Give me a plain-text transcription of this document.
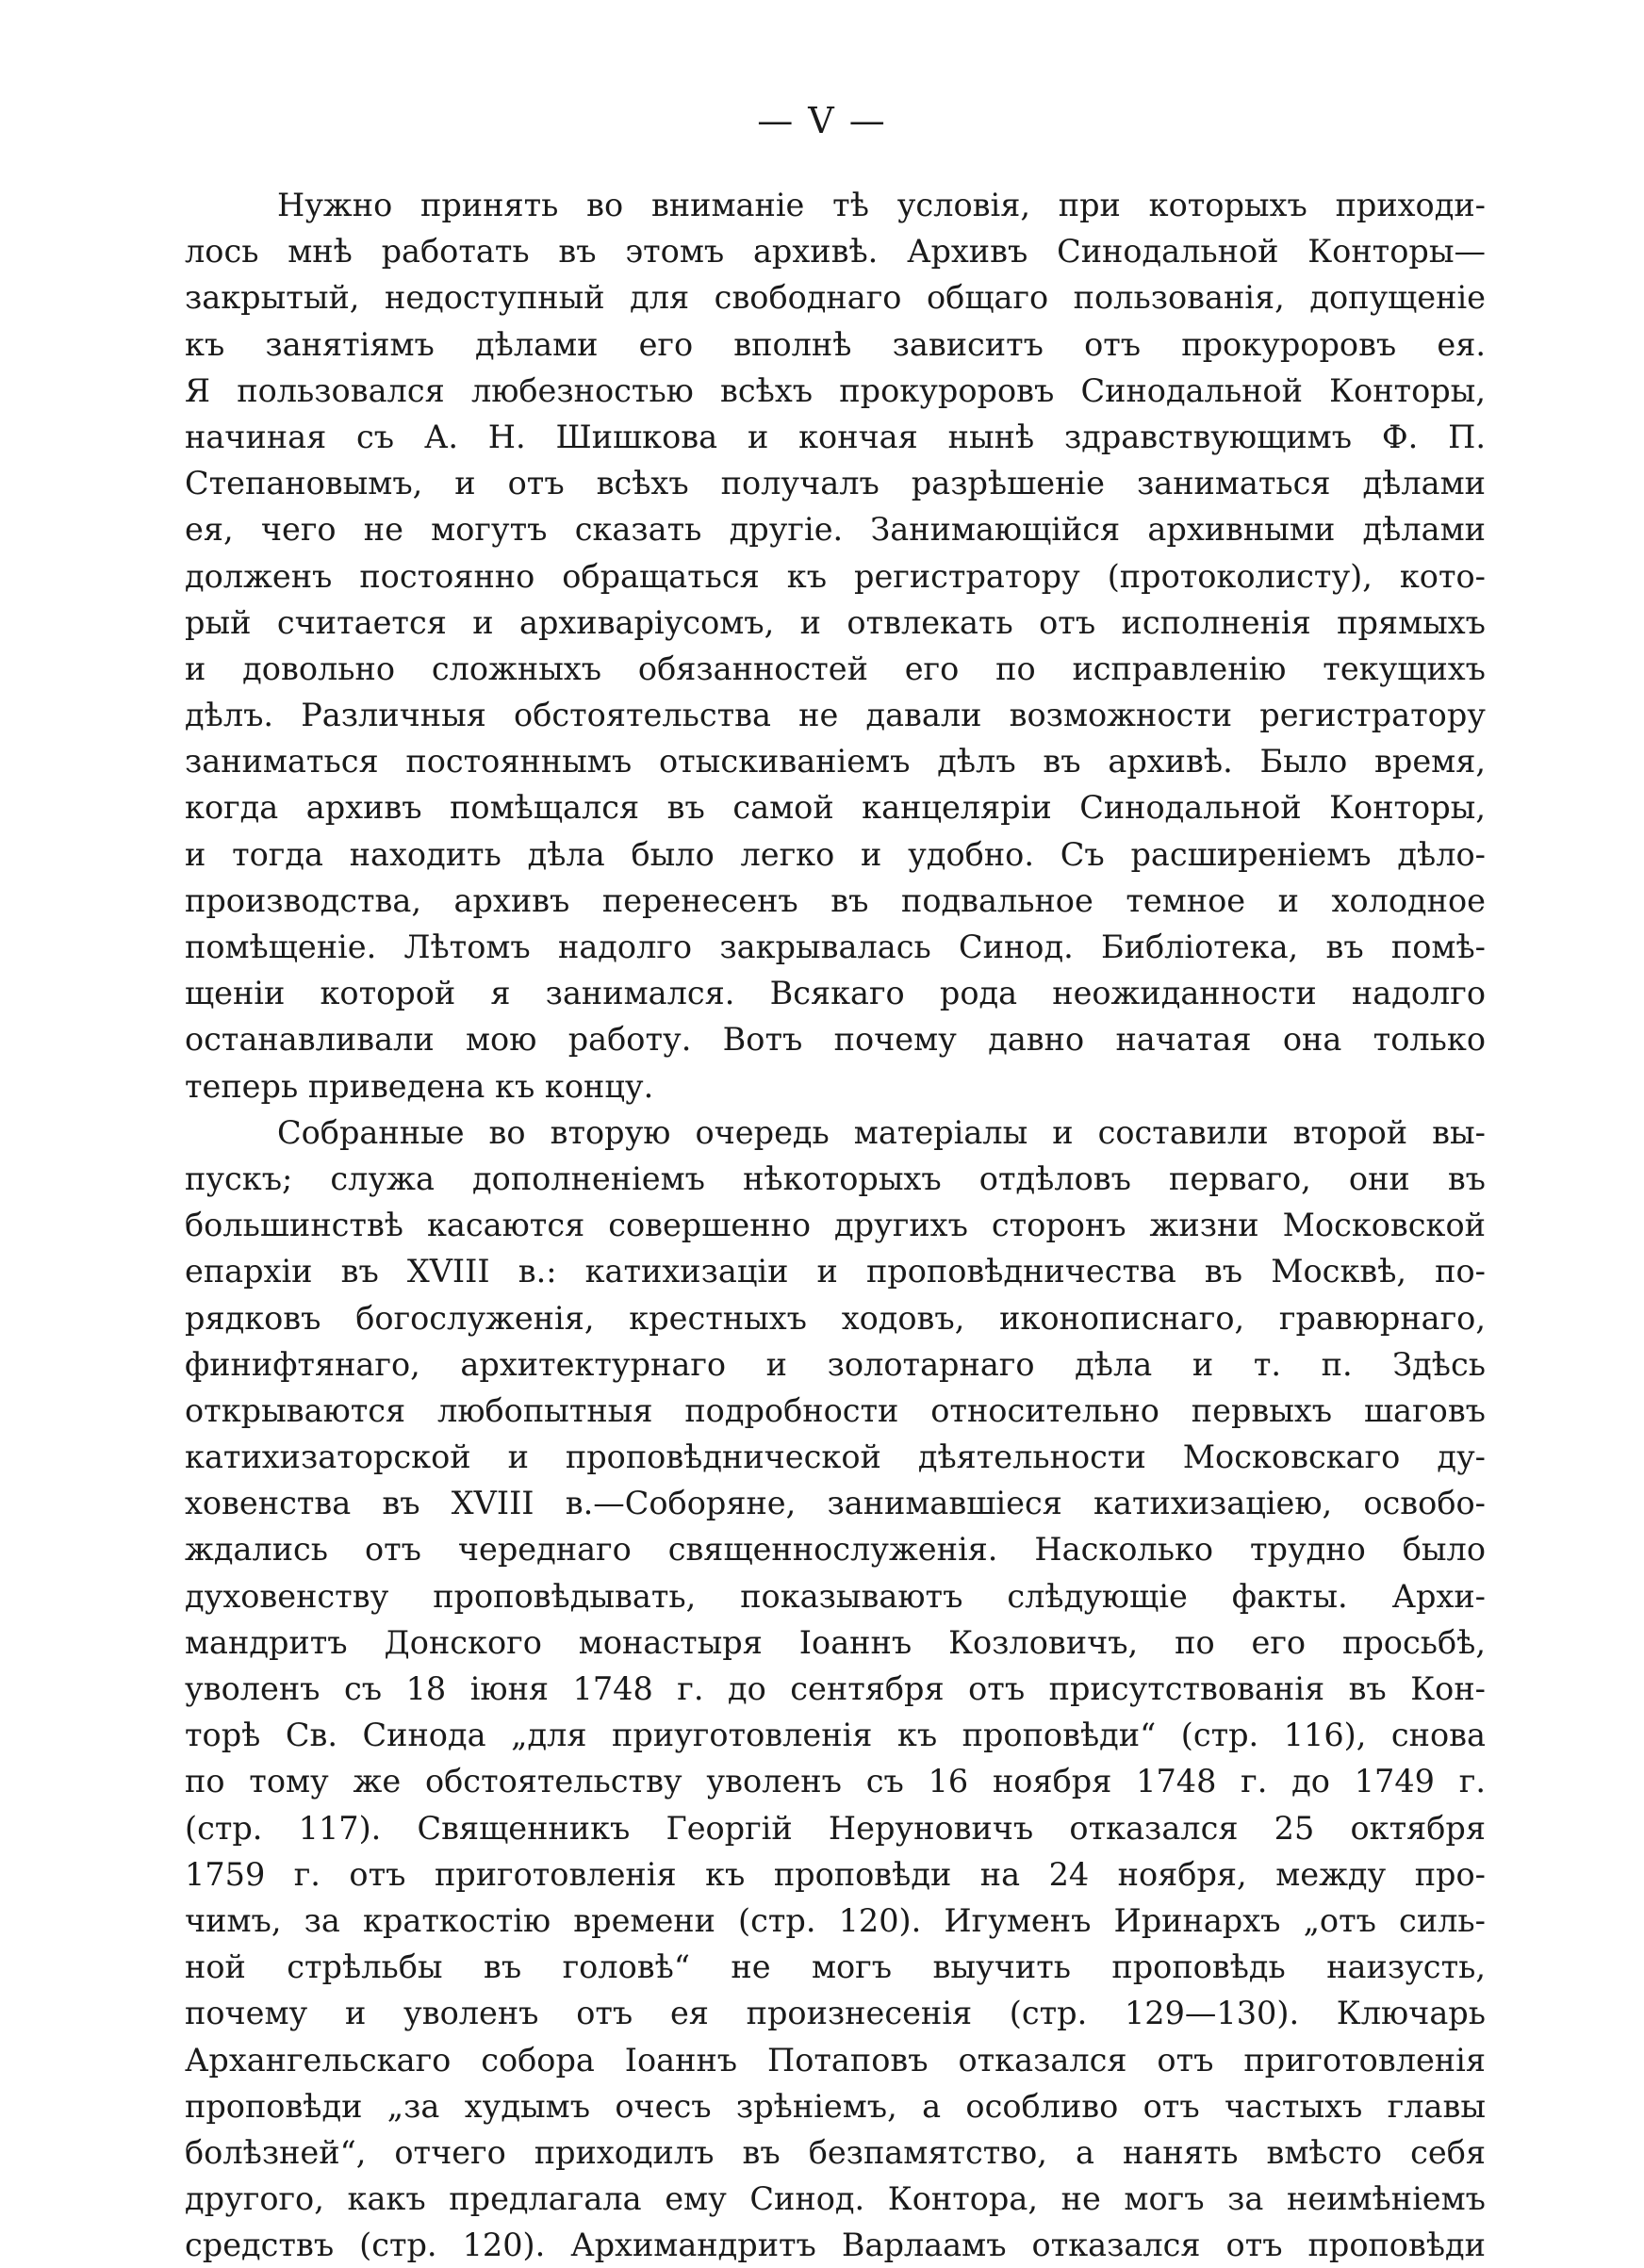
— V —
Нужно принять во вниманіе тѣ условія, при которыхъ приходи-
лось мнѣ работать въ этомъ архивѣ. Архивъ Синодальной Конторы—
закрытый, недоступный для свободнаго общаго пользованія, допущеніе
къ занятіямъ дѣлами его вполнѣ зависитъ отъ прокуроровъ ея.
Я пользовался любезностью всѣхъ прокуроровъ Синодальной Конторы,
начиная съ А. Н. Шишкова и кончая нынѣ здравствующимъ Ф. П.
Степановымъ, и отъ всѣхъ получалъ разрѣшеніе заниматься дѣлами
ея, чего не могутъ сказать другіе. Занимающійся архивными дѣлами
долженъ постоянно обращаться къ регистратору (протоколисту), кото-
рый считается и архиваріусомъ, и отвлекать отъ исполненія прямыхъ
и довольно сложныхъ обязанностей его по исправленію текущихъ
дѣлъ. Различныя обстоятельства не давали возможности регистратору
заниматься постояннымъ отыскиваніемъ дѣлъ въ архивѣ. Было время,
когда архивъ помѣщался въ самой канцеляріи Синодальной Конторы,
и тогда находить дѣла было легко и удобно. Съ расширеніемъ дѣло-
производства, архивъ перенесенъ въ подвальное темное и холодное
помѣщеніе. Лѣтомъ надолго закрывалась Синод. Библіотека, въ помѣ-
щеніи которой я занимался. Всякаго рода неожиданности надолго
останавливали мою работу. Вотъ почему давно начатая она только
теперь приведена къ концу.
Собранные во вторую очередь матеріалы и составили второй вы-
пускъ; служа дополненіемъ нѣкоторыхъ отдѣловъ перваго, они въ
большинствѣ касаются совершенно другихъ сторонъ жизни Московской
епархіи въ XVIII в.: катихизаціи и проповѣдничества въ Москвѣ, по-
рядковъ богослуженія, крестныхъ ходовъ, иконописнаго, гравюрнаго,
финифтянаго, архитектурнаго и золотарнаго дѣла и т. п. Здѣсь
открываются любопытныя подробности относительно первыхъ шаговъ
катихизаторской и проповѣднической дѣятельности Московскаго ду-
ховенства въ XVIII в.—Соборяне, занимавшіеся катихизаціею, освобо-
ждались отъ череднаго священнослуженія. Насколько трудно было
духовенству проповѣдывать, показываютъ слѣдующіе факты. Архи-
мандритъ Донского монастыря Іоаннъ Козловичъ, по его просьбѣ,
уволенъ съ 18 іюня 1748 г. до сентября отъ присутствованія въ Кон-
торѣ Св. Синода „для приуготовленія къ проповѣди“ (стр. 116), снова
по тому же обстоятельству уволенъ съ 16 ноября 1748 г. до 1749 г.
(стр. 117). Священникъ Георгій Неруновичъ отказался 25 октября
1759 г. отъ приготовленія къ проповѣди на 24 ноября, между про-
чимъ, за краткостію времени (стр. 120). Игуменъ Иринархъ „отъ силь-
ной стрѣльбы въ головѣ“ не могъ выучить проповѣдь наизусть,
почему и уволенъ отъ ея произнесенія (стр. 129—130). Ключарь
Архангельскаго собора Іоаннъ Потаповъ отказался отъ приготовленія
проповѣди „за худымъ очесъ зрѣніемъ, а особливо отъ частыхъ главы
болѣзней“, отчего приходилъ въ безпамятство, а нанять вмѣсто себя
другого, какъ предлагала ему Синод. Контора, не могъ за неимѣніемъ
средствъ (стр. 120). Архимандритъ Варлаамъ отказался отъ проповѣди
